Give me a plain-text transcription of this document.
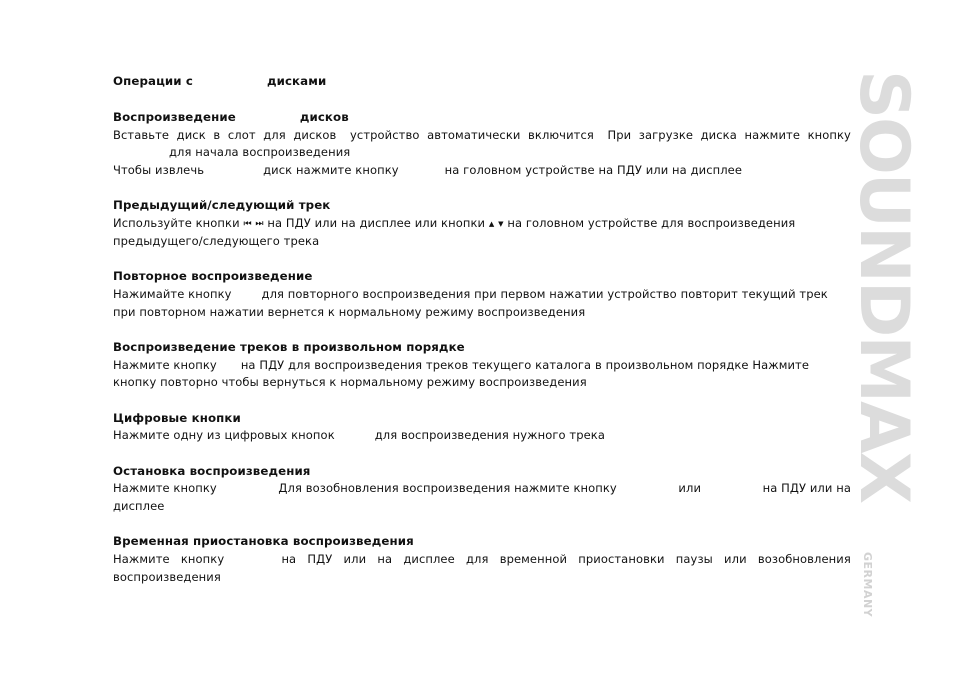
Операции с	дисками
Воспроизведение	дисков
Вставьте диск в слот для дисков устройство автоматически включится При загрузке диска нажмите кнопку
для начала воспроизведения
Чтобы извлечь	диск нажмите кнопку	на головном устройстве на ПДУ или на дисплее
Предыдущий/следующий трек
Используйте кнопки ⏮ ⏭ на ПДУ или на дисплее или кнопки ▲ ▼ на головном устройстве для воспроизведения
предыдущего/следующего трека
Повторное воспроизведение
Нажимайте кнопку	для повторного воспроизведения при первом нажатии устройство повторит текущий трек
при повторном нажатии вернется к нормальному режиму воспроизведения
Воспроизведение треков в произвольном порядке
Нажмите кнопку на ПДУ для воспроизведения треков текущего каталога в произвольном порядке Нажмите
кнопку повторно чтобы вернуться к нормальному режиму воспроизведения
Цифровые кнопки
Нажмите одну из цифровых кнопок	для воспроизведения нужного трека
Остановка воспроизведения
Нажмите кнопку	Для возобновления воспроизведения нажмите кнопку	или	на ПДУ или на
дисплее
Временная приостановка воспроизведения
Нажмите кнопку	на ПДУ или на дисплее для временной приостановки паузы или возобновления
воспроизведения
SOUNDMAX
GERMANY
